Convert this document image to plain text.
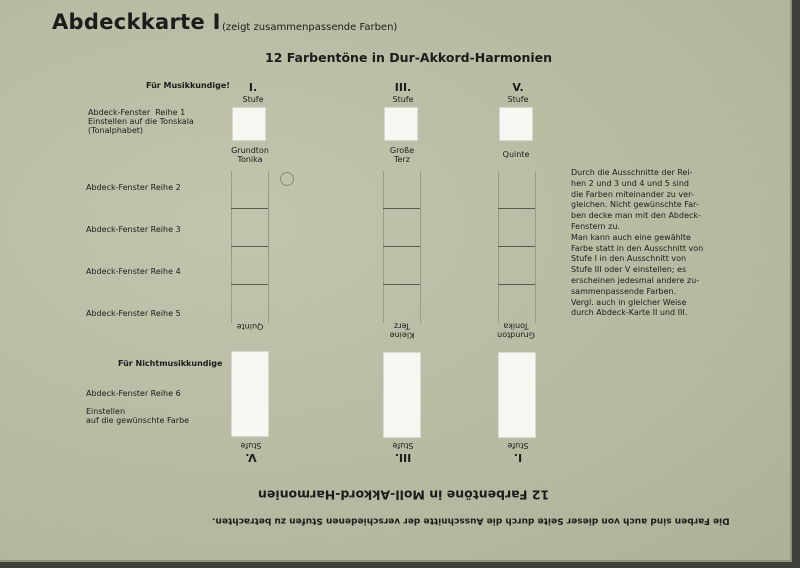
Abdeckkarte I (zeigt zusammenpassende Farben)
12 Farbentöne in Dur-Akkord-Harmonien
Für Musikkundige!	I.
Stufe
III.
Stufe
V.
Stufe
Abdeck-Fenster  Reihe 1
Einstellen auf die Tonskala
(Tonalphabet)
Grundton
Tonika
Große
Terz
Quinte
Abdeck-Fenster Reihe 2
Abdeck-Fenster Reihe 3
Abdeck-Fenster Reihe 4
Abdeck-Fenster Reihe 5
Durch die Ausschnitte der Rei-
hen 2 und 3 und 4 und 5 sind
die Farben miteinander zu ver-
gleichen. Nicht gewünschte Far-
ben decke man mit den Abdeck-
Fenstern zu.
Man kann auch eine gewählte
Farbe statt in den Ausschnitt von
Stufe I in den Ausschnitt von
Stufe III oder V einstellen; es
erscheinen jedesmal andere zu-
sammenpassende Farben.
Vergl. auch in gleicher Weise
durch Abdeck-Karte II und III.
Quinte
Kleine
Terz
Grundton
Tonika
Für Nichtmusikkundige
Abdeck-Fenster Reihe 6
Einstellen
auf die gewünschte Farbe
V.
Stufe
III.
Stufe
I.
Stufe
12 Farbentöne in Moll-Akkord-Harmonien
Die Farben sind auch von dieser Seite durch die Ausschnitte der verschiedenen Stufen zu betrachten.
